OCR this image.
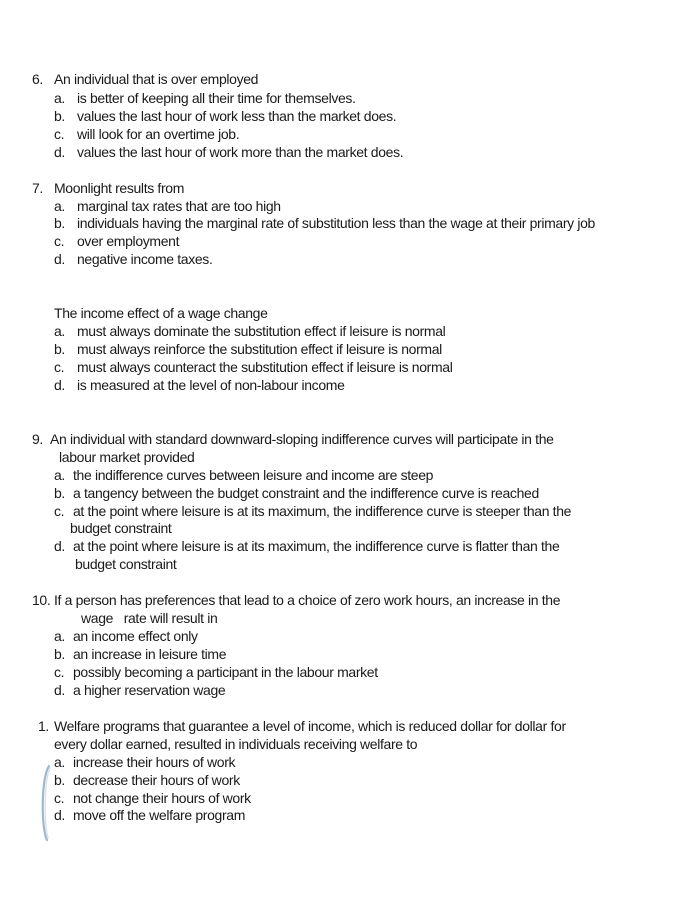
6. An individual that is over employed
a. is better of keeping all their time for themselves.
b. values the last hour of work less than the market does.
c. will look for an overtime job.
d. values the last hour of work more than the market does.
7. Moonlight results from
a. marginal tax rates that are too high
b. individuals having the marginal rate of substitution less than the wage at their primary job
c. over employment
d. negative income taxes.
The income effect of a wage change
a. must always dominate the substitution effect if leisure is normal
b. must always reinforce the substitution effect if leisure is normal
c. must always counteract the substitution effect if leisure is normal
d. is measured at the level of non-labour income
9. An individual with standard downward-sloping indifference curves will participate in the
labour market provided
a. the indifference curves between leisure and income are steep
b. a tangency between the budget constraint and the indifference curve is reached
c. at the point where leisure is at its maximum, the indifference curve is steeper than the
budget constraint
d. at the point where leisure is at its maximum, the indifference curve is flatter than the
budget constraint
10. If a person has preferences that lead to a choice of zero work hours, an increase in the
wage   rate will result in
a. an income effect only
b. an increase in leisure time
c. possibly becoming a participant in the labour market
d. a higher reservation wage
1. Welfare programs that guarantee a level of income, which is reduced dollar for dollar for
every dollar earned, resulted in individuals receiving welfare to
a. increase their hours of work
b. decrease their hours of work
c. not change their hours of work
d. move off the welfare program
